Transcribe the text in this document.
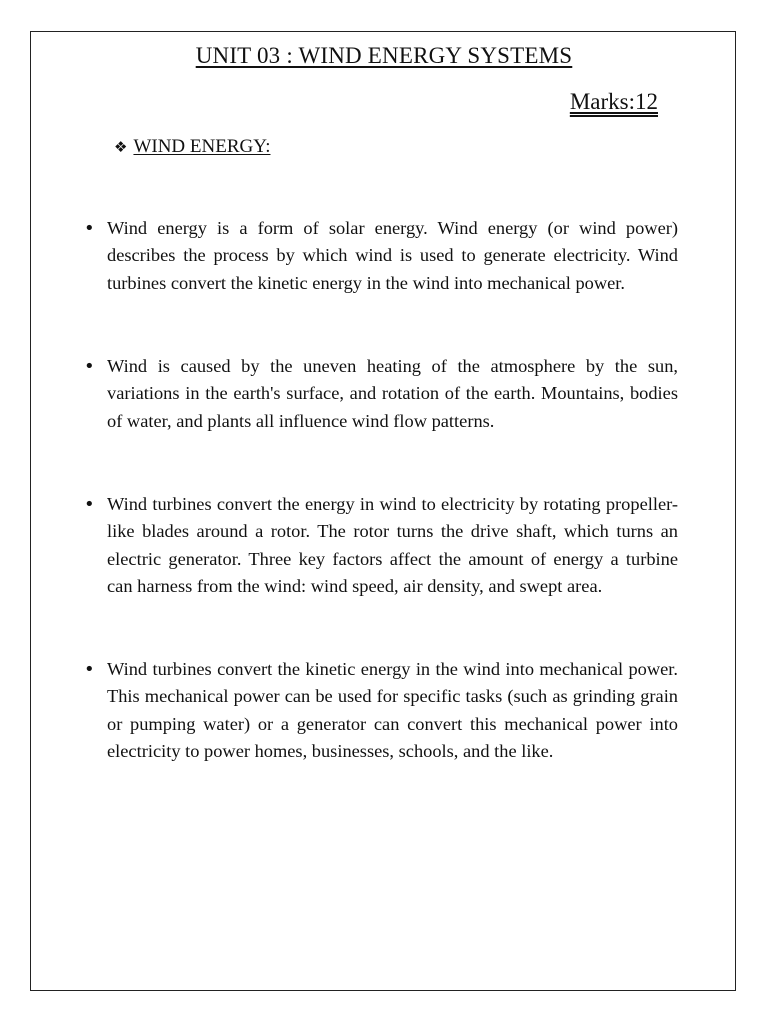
UNIT 03 : WIND ENERGY SYSTEMS
Marks:12
❖ WIND ENERGY:
• Wind energy is a form of solar energy. Wind energy (or wind power) describes the process by which wind is used to generate electricity. Wind turbines convert the kinetic energy in the wind into mechanical power.
• Wind is caused by the uneven heating of the atmosphere by the sun, variations in the earth's surface, and rotation of the earth. Mountains, bodies of water, and plants all influence wind flow patterns.
• Wind turbines convert the energy in wind to electricity by rotating propeller-like blades around a rotor. The rotor turns the drive shaft, which turns an electric generator. Three key factors affect the amount of energy a turbine can harness from the wind: wind speed, air density, and swept area.
• Wind turbines convert the kinetic energy in the wind into mechanical power. This mechanical power can be used for specific tasks (such as grinding grain or pumping water) or a generator can convert this mechanical power into electricity to power homes, businesses, schools, and the like.
